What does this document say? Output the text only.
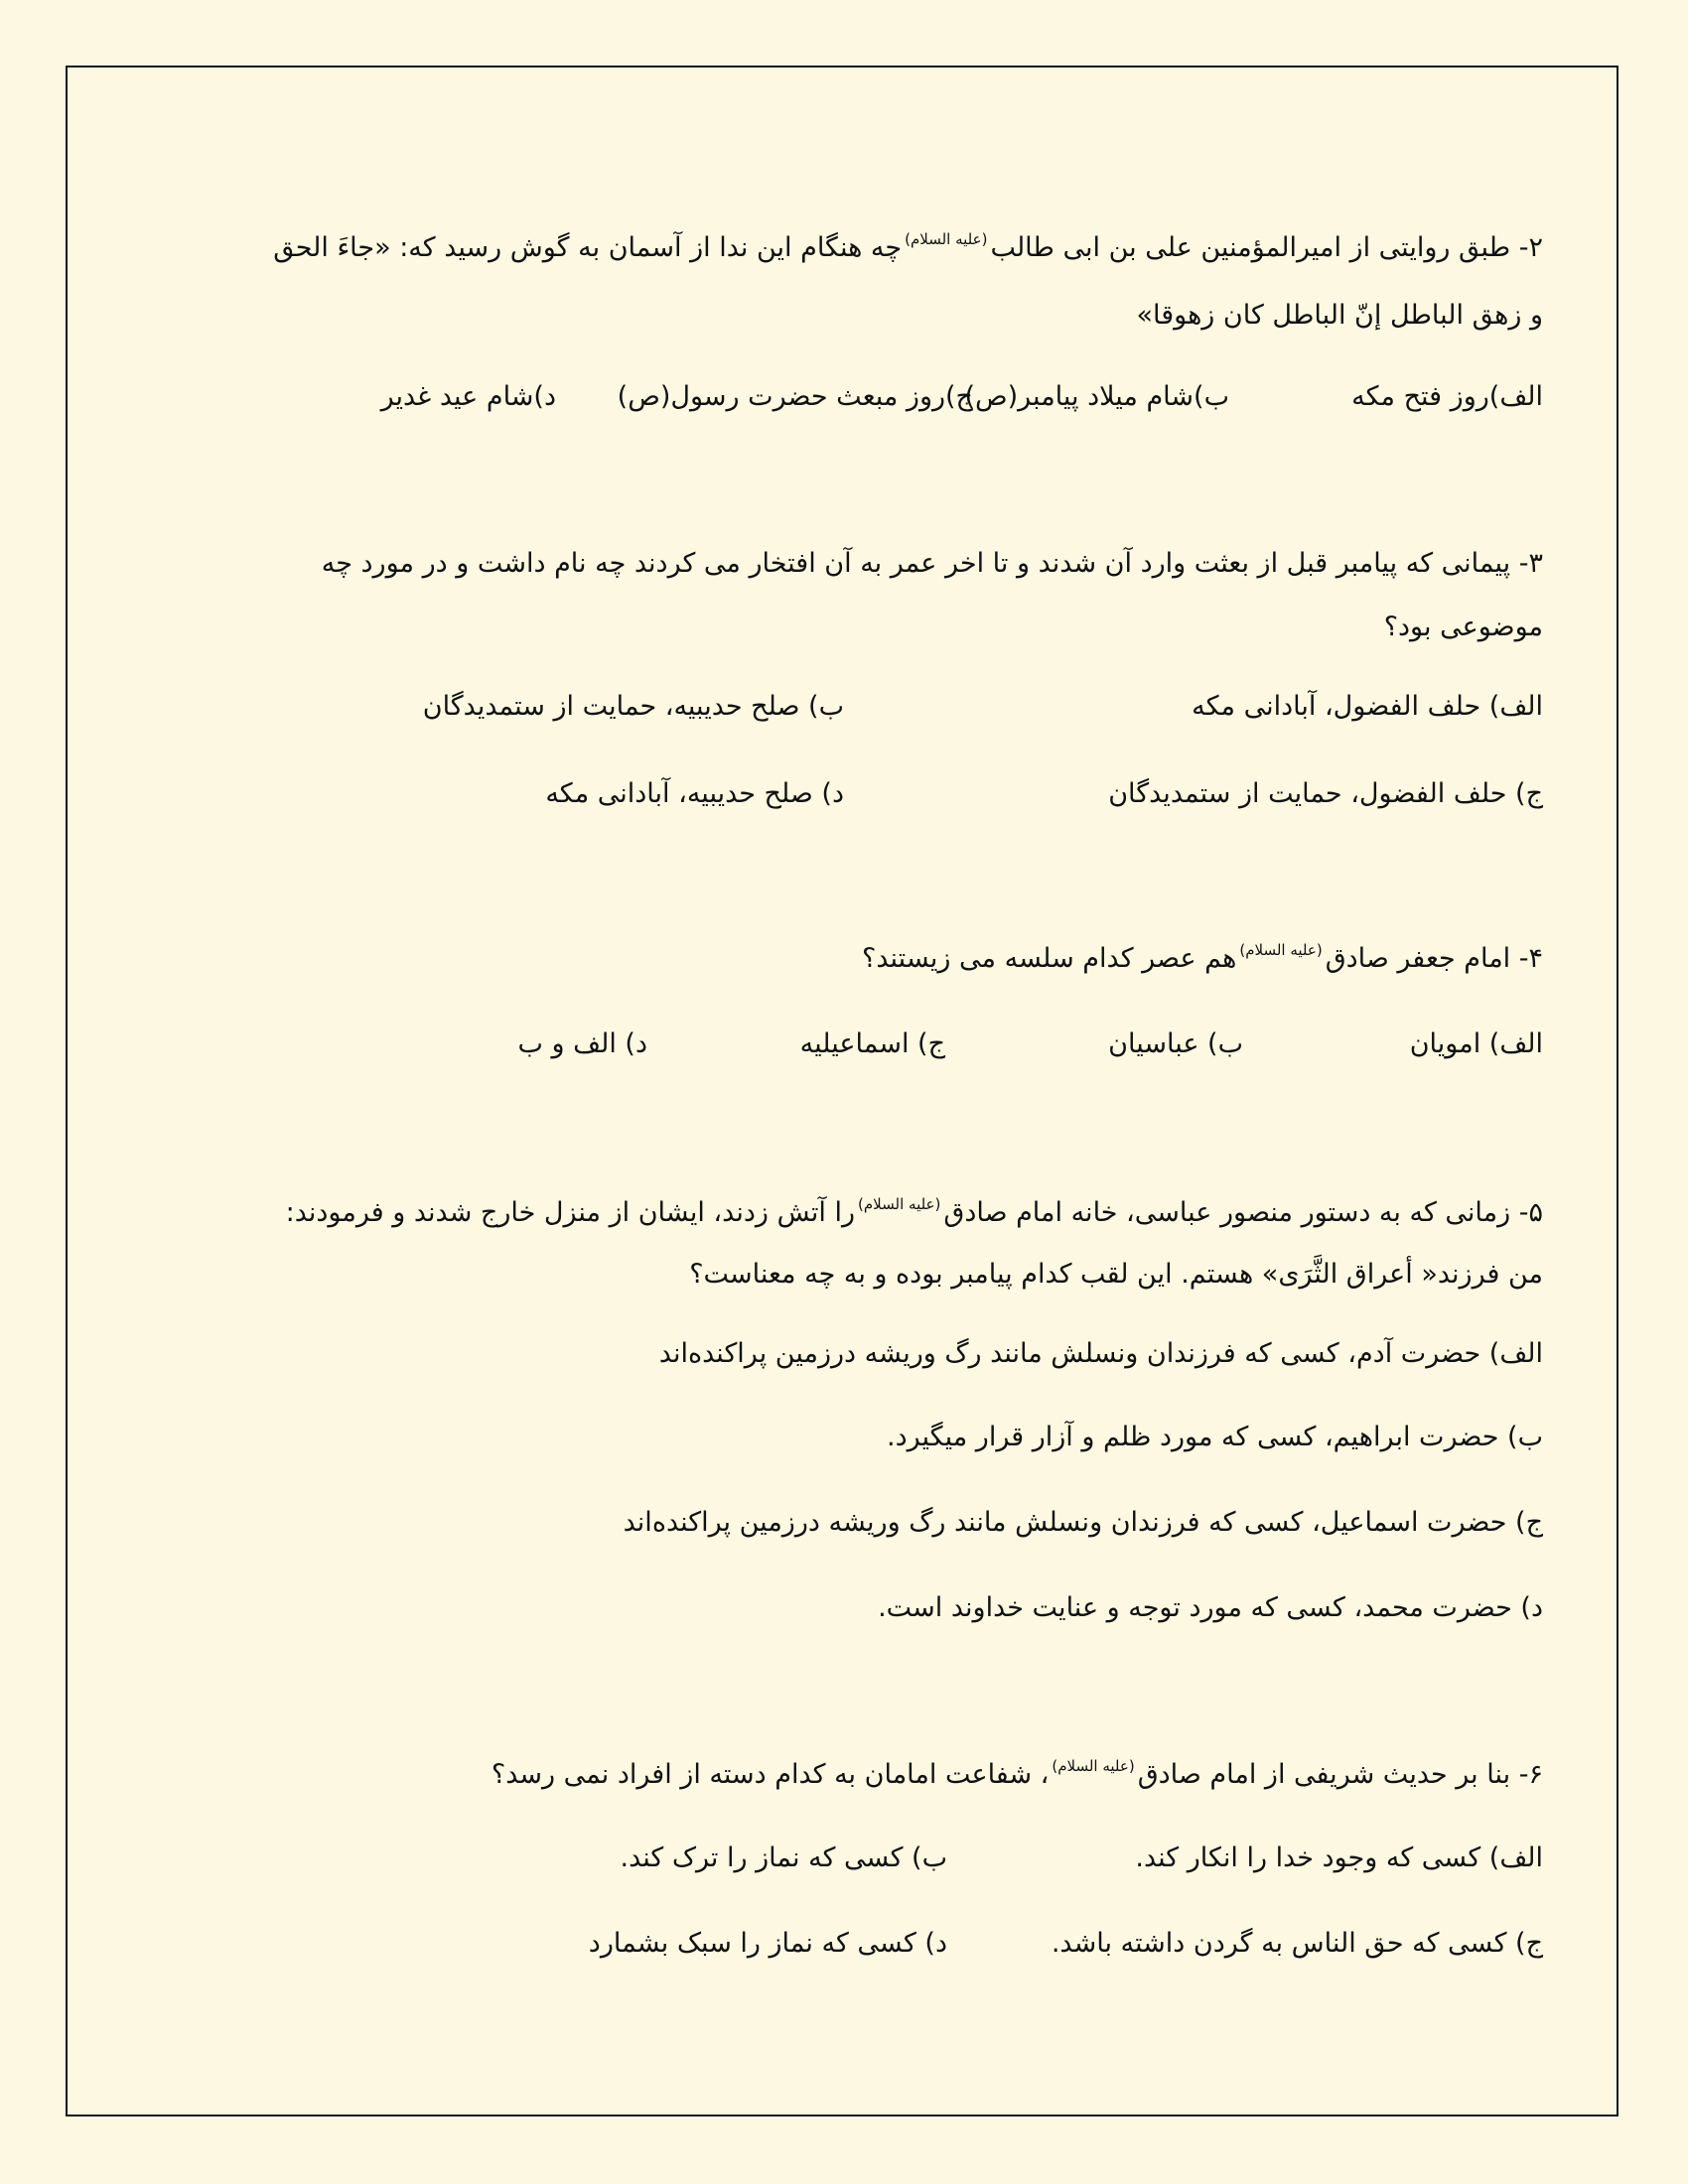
۲- طبق روایتی از امیرالمؤمنین علی بن ابی طالب$^{(علیه السلام)}$چه هنگام این ندا از آسمان به گوش رسید که: «جاءَ الحق
و زهق الباطل إنّ الباطل کان زهوقا»
الف)روز فتح مکه
ب)شام میلاد پیامبر(ص)
ج)روز مبعث حضرت رسول(ص)
د)شام عید غدیر
۳- پیمانی که پیامبر قبل از بعثت وارد آن شدند و تا اخر عمر به آن افتخار می کردند چه نام داشت و در مورد چه
موضوعی بود؟
الف) حلف الفضول، آبادانی مکه
ب) صلح حدیبیه، حمایت از ستمدیدگان
ج) حلف الفضول، حمایت از ستمدیدگان
د) صلح حدیبیه، آبادانی مکه
۴- امام جعفر صادق$^{(علیه السلام)}$هم عصر کدام سلسه می زیستند؟
الف) امویان
ب) عباسیان
ج) اسماعیلیه
د) الف و ب
۵- زمانی که به دستور منصور عباسی، خانه امام صادق$^{(علیه السلام)}$را آتش زدند، ایشان از منزل خارج شدند و فرمودند:
من فرزند« أعراق الثَّرَی» هستم. این لقب کدام پیامبر بوده و به چه معناست؟
الف) حضرت آدم، کسی که فرزندان ونسلش مانند رگ وریشه درزمین پراکنده‌اند
ب) حضرت ابراهیم، کسی که مورد ظلم و آزار قرار میگیرد.
ج) حضرت اسماعیل، کسی که فرزندان ونسلش مانند رگ وریشه درزمین پراکنده‌اند
د) حضرت محمد، کسی که مورد توجه و عنایت خداوند است.
۶- بنا بر حدیث شریفی از امام صادق$^{(علیه السلام)}$، شفاعت امامان به کدام دسته از افراد نمی رسد؟
الف) کسی که وجود خدا را انکار کند.
ب) کسی که نماز را ترک کند.
ج) کسی که حق الناس به گردن داشته باشد.
د) کسی که نماز را سبک بشمارد
